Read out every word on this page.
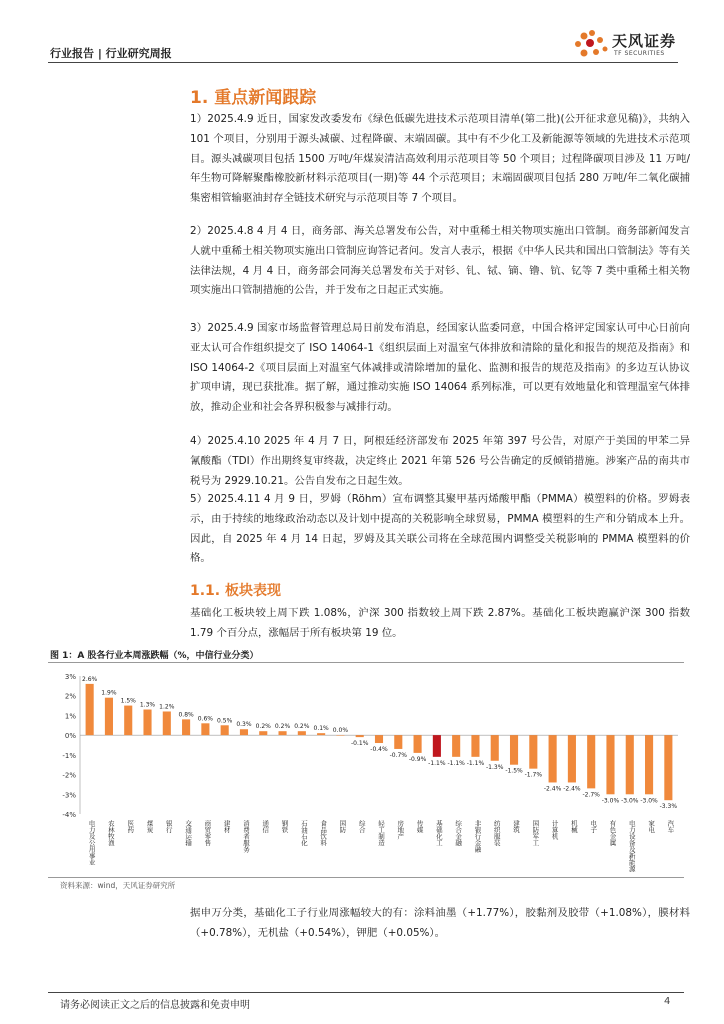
行业报告 | 行业研究周报
天风证券
TF SECURITIES
1. 重点新闻跟踪
1）2025.4.9 近日，国家发改委发布《绿色低碳先进技术示范项目清单(第二批)(公开征求意见稿)》，共纳入 101 个项目，分别用于源头减碳、过程降碳、末端固碳。其中有不少化工及新能源等领域的先进技术示范项目。源头减碳项目包括 1500 万吨/年煤炭清洁高效利用示范项目等 50 个项目；过程降碳项目涉及 11 万吨/年生物可降解聚酯橡胶新材料示范项目(一期)等 44 个示范项目；末端固碳项目包括 280 万吨/年二氧化碳捕集密相管输驱油封存全链技术研究与示范项目等 7 个项目。
2）2025.4.8 4 月 4 日，商务部、海关总署发布公告，对中重稀土相关物项实施出口管制。商务部新闻发言人就中重稀土相关物项实施出口管制应询答记者问。发言人表示，根据《中华人民共和国出口管制法》等有关法律法规，4 月 4 日，商务部会同海关总署发布关于对钐、钆、铽、镝、镥、钪、钇等 7 类中重稀土相关物项实施出口管制措施的公告，并于发布之日起正式实施。
3）2025.4.9 国家市场监督管理总局日前发布消息，经国家认监委同意，中国合格评定国家认可中心日前向亚太认可合作组织提交了 ISO 14064-1《组织层面上对温室气体排放和清除的量化和报告的规范及指南》和 ISO 14064-2《项目层面上对温室气体减排或清除增加的量化、监测和报告的规范及指南》的多边互认协议扩项申请，现已获批准。据了解，通过推动实施 ISO 14064 系列标准，可以更有效地量化和管理温室气体排放，推动企业和社会各界积极参与减排行动。
4）2025.4.10 2025 年 4 月 7 日，阿根廷经济部发布 2025 年第 397 号公告，对原产于美国的甲苯二异氰酸酯（TDI）作出期终复审终裁，决定终止 2021 年第 526 号公告确定的反倾销措施。涉案产品的南共市税号为 2929.10.21。公告自发布之日起生效。
5）2025.4.11 4 月 9 日，罗姆（Röhm）宣布调整其聚甲基丙烯酸甲酯（PMMA）模塑料的价格。罗姆表示，由于持续的地缘政治动态以及计划中提高的关税影响全球贸易，PMMA 模塑料的生产和分销成本上升。因此，自 2025 年 4 月 14 日起，罗姆及其关联公司将在全球范围内调整受关税影响的 PMMA 模塑料的价格。
1.1. 板块表现
基础化工板块较上周下跌 1.08%，沪深 300 指数较上周下跌 2.87%。基础化工板块跑赢沪深 300 指数 1.79 个百分点，涨幅居于所有板块第 19 位。
图 1：A 股各行业本周涨跌幅（%，中信行业分类）
3%
2%
1%
0%
-1%
-2%
-3%
-4%
2.6%
电力及公用事业
1.9%
农林牧渔
1.5%
医药
1.3%
煤炭
1.2%
银行
0.8%
交通运输
0.6%
商贸零售
0.5%
建材
0.3%
消费者服务
0.2%
通信
0.2%
钢铁
0.2%
石油石化
0.1%
食品饮料
0.0%
国防
-0.1%
综合
-0.4%
轻工制造
-0.7%
房地产
-0.9%
传媒
-1.1%
基础化工
-1.1%
综合金融
-1.1%
非银行金融
-1.3%
纺织服装
-1.5%
建筑
-1.7%
国防军工
-2.4%
计算机
-2.4%
机械
-2.7%
电子
-3.0%
有色金属
-3.0%
电力设备及新能源
-3.0%
家电
-3.3%
汽车
资料来源：wind，天风证券研究所
据申万分类，基础化工子行业周涨幅较大的有：涂料油墨（+1.77%），胶黏剂及胶带（+1.08%），膜材料（+0.78%），无机盐（+0.54%），钾肥（+0.05%）。
请务必阅读正文之后的信息披露和免责申明	4
